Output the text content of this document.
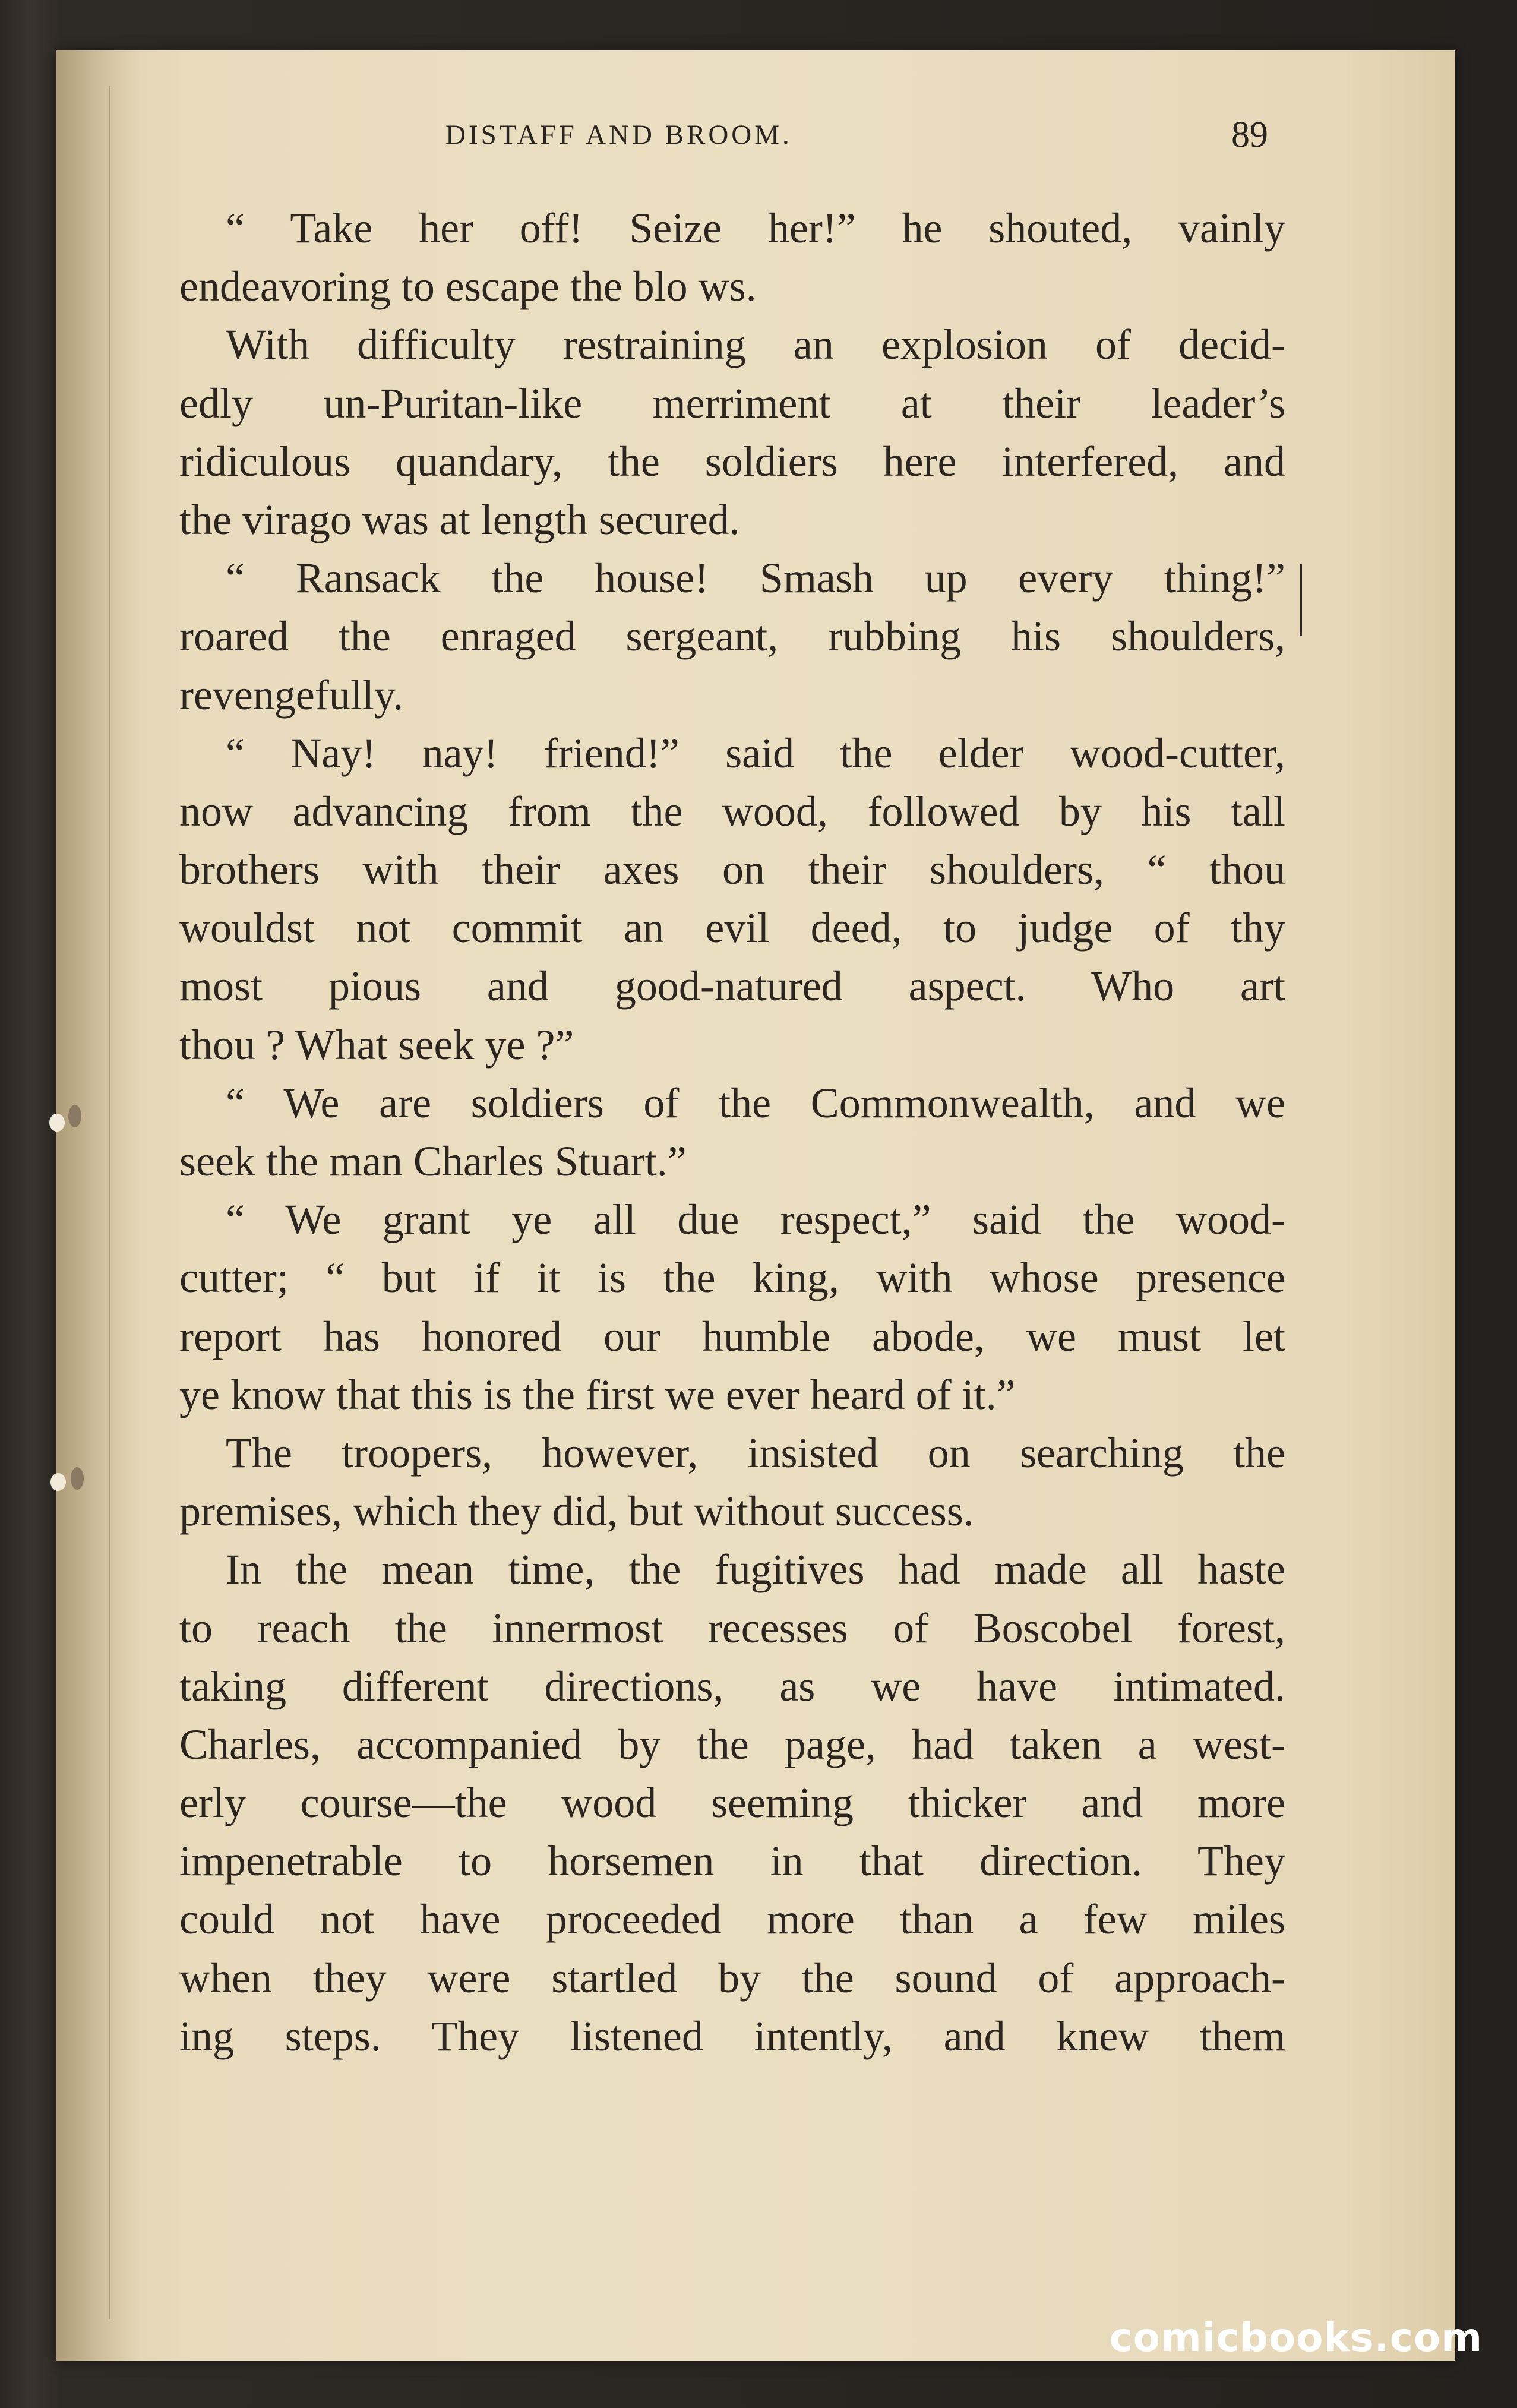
DISTAFF AND BROOM.	89
“ Take her off! Seize her!” he shouted, vainly
endeavoring to escape the blo ws.
With difficulty restraining an explosion of decid-
edly un-Puritan-like merriment at their leader’s
ridiculous quandary, the soldiers here interfered, and
the virago was at length secured.
“ Ransack the house! Smash up every thing!”
roared the enraged sergeant, rubbing his shoulders,
revengefully.
“ Nay! nay! friend!” said the elder wood-cutter,
now advancing from the wood, followed by his tall
brothers with their axes on their shoulders, “ thou
wouldst not commit an evil deed, to judge of thy
most pious and good-natured aspect. Who art
thou ? What seek ye ?”
“ We are soldiers of the Commonwealth, and we
seek the man Charles Stuart.”
“ We grant ye all due respect,” said the wood-
cutter; “ but if it is the king, with whose presence
report has honored our humble abode, we must let
ye know that this is the first we ever heard of it.”
The troopers, however, insisted on searching the
premises, which they did, but without success.
In the mean time, the fugitives had made all haste
to reach the innermost recesses of Boscobel forest,
taking different directions, as we have intimated.
Charles, accompanied by the page, had taken a west-
erly course—the wood seeming thicker and more
impenetrable to horsemen in that direction. They
could not have proceeded more than a few miles
when they were startled by the sound of approach-
ing steps. They listened intently, and knew them
comicbooks.com
